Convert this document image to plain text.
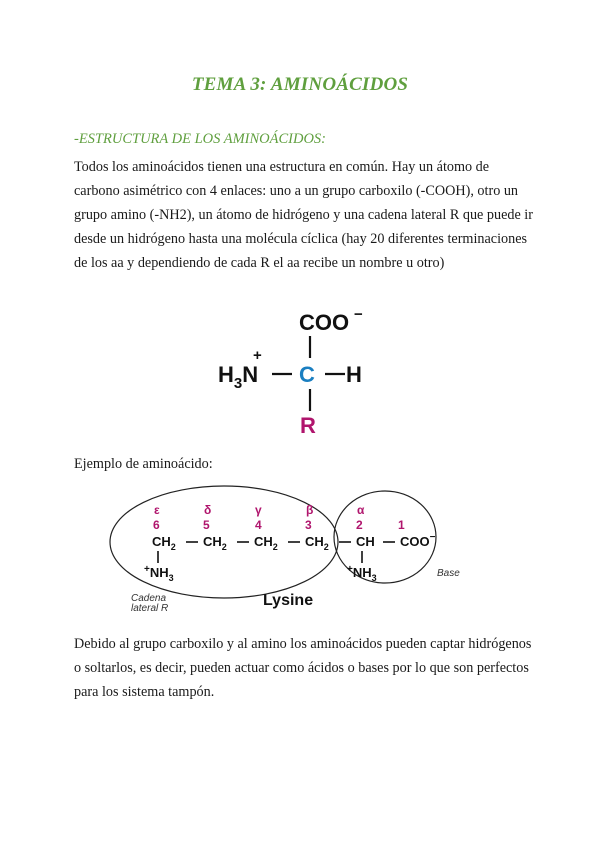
TEMA 3: AMINOÁCIDOS
-ESTRUCTURA DE LOS AMINOÁCIDOS:
Todos los aminoácidos tienen una estructura en común. Hay un átomo de carbono asimétrico con 4 enlaces: uno a un grupo carboxilo (-COOH), otro un grupo amino (-NH2), un átomo de hidrógeno y una cadena lateral R que puede ir desde un hidrógeno hasta una molécula cíclica (hay 20 diferentes terminaciones de los aa y dependiendo de cada R el aa recibe un nombre u otro)
COO −
+
$H_3N$ C H
R
Ejemplo de aminoácido:
ε	δ	γ	β	α
6	5	4	3	2	1
$CH_2$ $CH_2$ $CH_2$ $CH_2$ CH COO−
$^+NH_3$
$^+NH_3$
Lysine
Cadena
lateral R
Base
Debido al grupo carboxilo y al amino los aminoácidos pueden captar hidrógenos o soltarlos, es decir, pueden actuar como ácidos o bases por lo que son perfectos para los sistema tampón.
